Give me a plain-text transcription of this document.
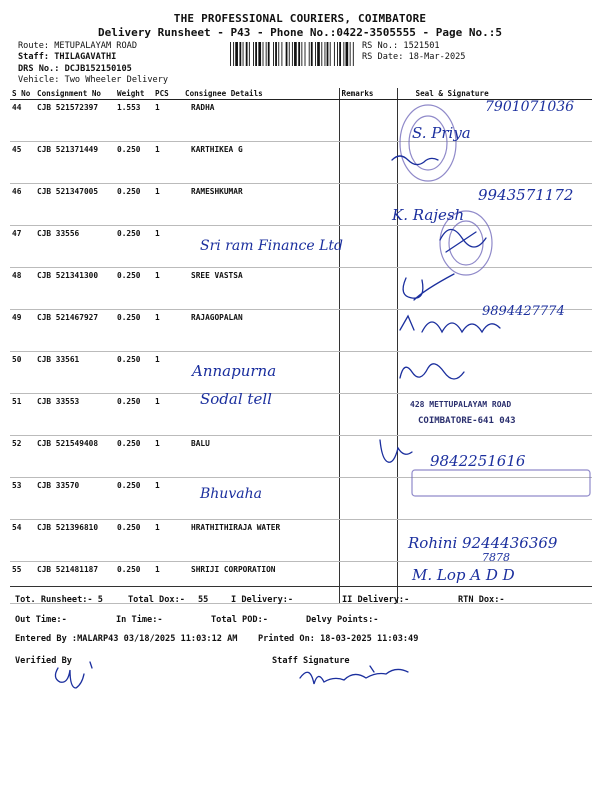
THE PROFESSIONAL COURIERS, COIMBATORE
Delivery Runsheet - P43 - Phone No.:0422-3505555 - Page No.:5
Route: METUPALAYAM ROAD
Staff: THILAGAVATHI
DRS No.: DCJB152150105
Vehicle: Two Wheeler Delivery
RS No.: 1521501
RS Date: 18-Mar-2025
S No	Consignment No	Weight	PCS	Consignee Details	Remarks	Seal & Signature
44	CJB 521572397	1.553	1	RADHA		
45	CJB 521371449	0.250	1	KARTHIKEA G		
46	CJB 521347005	0.250	1	RAMESHKUMAR		
47	CJB 33556	0.250	1			
48	CJB 521341300	0.250	1	SREE VASTSA		
49	CJB 521467927	0.250	1	RAJAGOPALAN		
50	CJB 33561	0.250	1			
51	CJB 33553	0.250	1			
52	CJB 521549408	0.250	1	BALU		
53	CJB 33570	0.250	1			
54	CJB 521396810	0.250	1	HRATHITHIRAJA WATER		
55	CJB 521481187	0.250	1	SHRIJI CORPORATION		
Tot. Runsheet:- 5	Total Dox:- 55	I Delivery:-	II Delivery:-	RTN Dox:-
Out Time:-	In Time:-	Total POD:-	Delvy Points:-
Entered By :MALARP43 03/18/2025 11:03:12 AM Printed On: 18-03-2025 11:03:49
Verified By	Staff Signature
Sri ram Finance Ltd
Annapurna
Sodal tell
Bhuvaha
7901071036
S. Priya
9943571172
K. Rajesh
9894427774
9842251616
Rohini 9244436369
7878
M. Lop A D D
428 METTUPALAYAM ROAD
COIMBATORE-641 043
